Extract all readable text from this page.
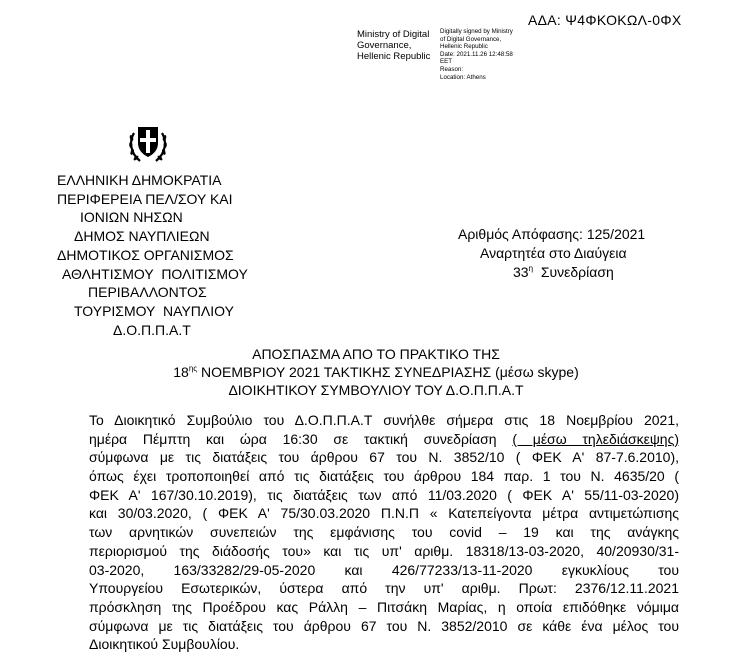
ΑΔΑ: Ψ4ΦΚΟΚΩΛ-0ΦΧ
Ministry of Digital
Governance,
Hellenic Republic
Digitally signed by Ministry
of Digital Governance,
Hellenic Republic
Date: 2021.11.26 12:48:58
EET
Reason:
Location: Athens
ΕΛΛΗΝΙΚΗ ΔΗΜΟΚΡΑΤΙΑ
ΠΕΡΙΦΕΡΕΙΑ ΠΕΛ/ΣΟΥ ΚΑΙ
ΙΟΝΙΩΝ ΝΗΣΩΝ
ΔΗΜΟΣ ΝΑΥΠΛΙΕΩΝ
ΔΗΜΟΤΙΚΟΣ ΟΡΓΑΝΙΣΜΟΣ
ΑΘΛΗΤΙΣΜΟΥ ΠΟΛΙΤΙΣΜΟΥ
ΠΕΡΙΒΑΛΛΟΝΤΟΣ
ΤΟΥΡΙΣΜΟΥ ΝΑΥΠΛΙΟΥ
Δ.Ο.Π.Π.Α.Τ
Αριθμός Απόφασης: 125/2021
Αναρτητέα στο Διαύγεια
$33^\eta$ Συνεδρίαση
ΑΠΟΣΠΑΣΜΑ ΑΠΟ ΤΟ ΠΡΑΚΤΙΚΟ ΤΗΣ
$18^{\eta\varsigma}$ ΝΟΕΜΒΡΙΟΥ 2021 ΤΑΚΤΙΚΗΣ ΣΥΝΕΔΡΙΑΣΗΣ (μέσω skype)
ΔΙΟΙΚΗΤΙΚΟΥ ΣΥΜΒΟΥΛΙΟΥ ΤΟΥ Δ.Ο.Π.Π.Α.Τ
Το Διοικητικό Συμβούλιο του Δ.Ο.Π.Π.Α.Τ συνήλθε σήμερα στις 18 Νοεμβρίου 2021,
ημέρα Πέμπτη και ώρα 16:30 σε τακτική συνεδρίαση ( μέσω τηλεδιάσκεψης)
σύμφωνα με τις διατάξεις του άρθρου 67 του Ν. 3852/10 ( ΦΕΚ Α' 87-7.6.2010),
όπως έχει τροποποιηθεί από τις διατάξεις του άρθρου 184 παρ. 1 του Ν. 4635/20 (
ΦΕΚ Α' 167/30.10.2019), τις διατάξεις των από 11/03.2020 ( ΦΕΚ Α' 55/11-03-2020)
και 30/03.2020, ( ΦΕΚ Α' 75/30.03.2020 Π.Ν.Π « Κατεπείγοντα μέτρα αντιμετώπισης
των αρνητικών συνεπειών της εμφάνισης του covid – 19 και της ανάγκης
περιορισμού της διάδοσής του» και τις υπ' αριθμ. 18318/13-03-2020, 40/20930/31-
03-2020, 163/33282/29-05-2020 και 426/77233/13-11-2020 εγκυκλίους του
Υπουργείου Εσωτερικών, ύστερα από την υπ' αριθμ. Πρωτ: 2376/12.11.2021
πρόσκληση της Προέδρου κας Ράλλη – Πιτσάκη Μαρίας, η οποία επιδόθηκε νόμιμα
σύμφωνα με τις διατάξεις του άρθρου 67 του Ν. 3852/2010 σε κάθε ένα μέλος του
Διοικητικού Συμβουλίου.
